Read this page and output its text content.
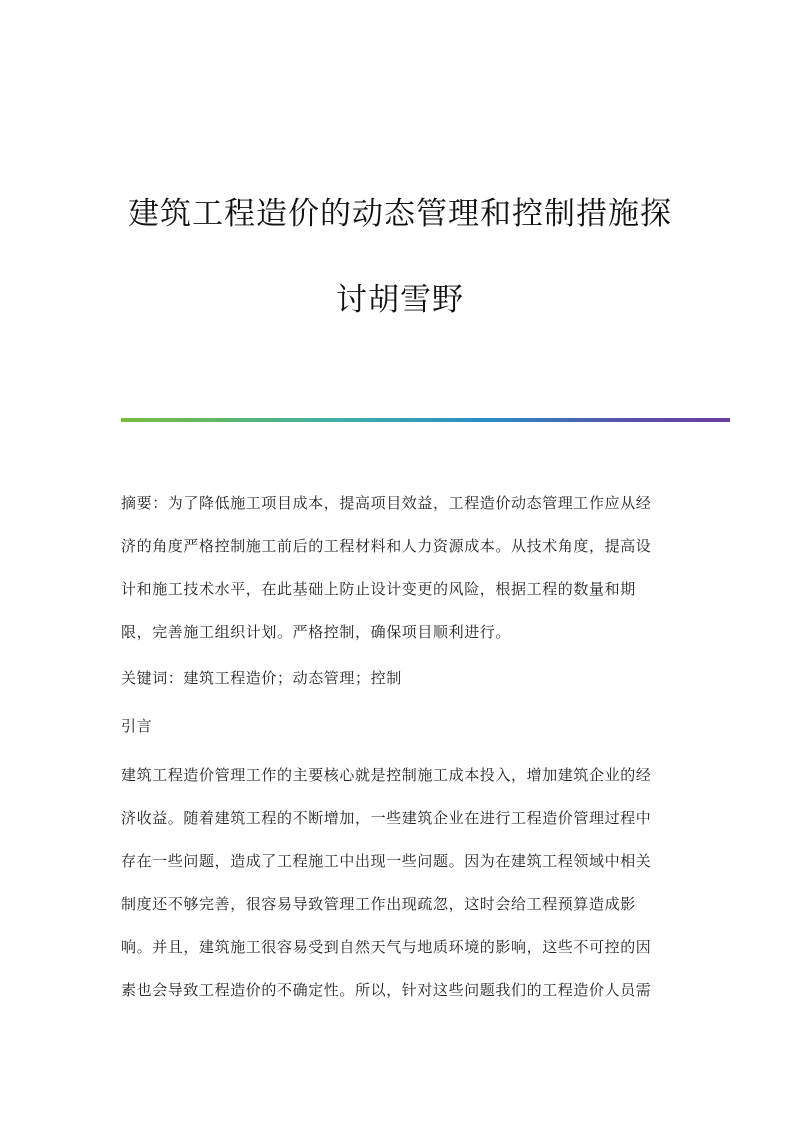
建筑工程造价的动态管理和控制措施探
讨胡雪野
摘要：为了降低施工项目成本，提高项目效益，工程造价动态管理工作应从经
济的角度严格控制施工前后的工程材料和人力资源成本。从技术角度，提高设
计和施工技术水平，在此基础上防止设计变更的风险，根据工程的数量和期
限，完善施工组织计划。严格控制，确保项目顺利进行。
关键词：建筑工程造价；动态管理；控制
引言
建筑工程造价管理工作的主要核心就是控制施工成本投入，增加建筑企业的经
济收益。随着建筑工程的不断增加，一些建筑企业在进行工程造价管理过程中
存在一些问题，造成了工程施工中出现一些问题。因为在建筑工程领域中相关
制度还不够完善，很容易导致管理工作出现疏忽，这时会给工程预算造成影
响。并且，建筑施工很容易受到自然天气与地质环境的影响，这些不可控的因
素也会导致工程造价的不确定性。所以，针对这些问题我们的工程造价人员需
